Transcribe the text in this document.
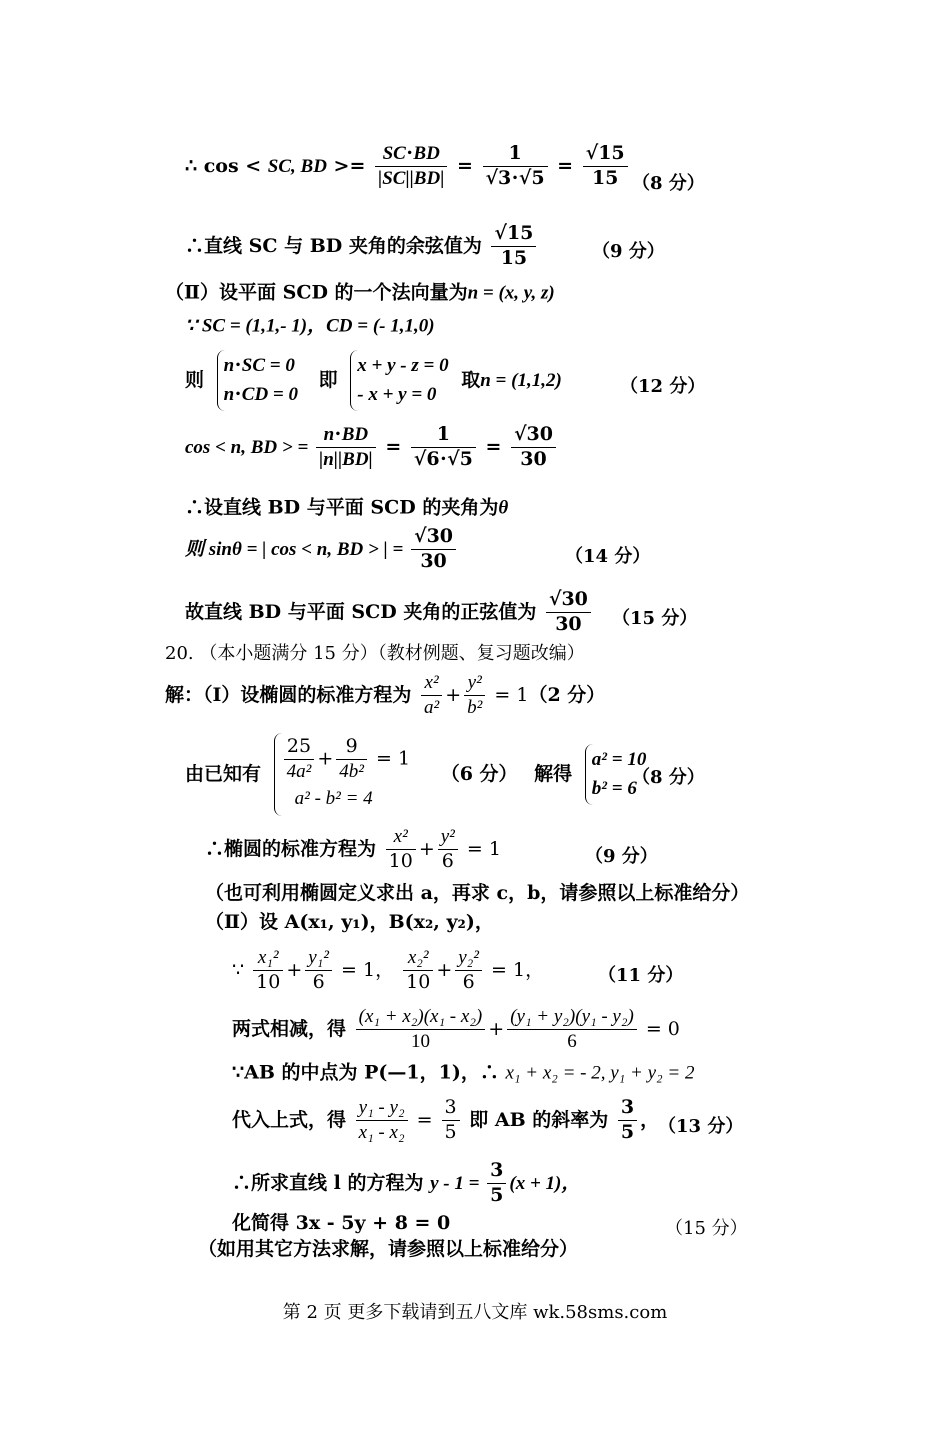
∴ cos < SC, BD >= $\frac{SC\cdot BD}{|SC||BD|} = \frac{1}{√3\cdot√5} = \frac{√15}{15} (8$ 分）
∴直线 SC 与 BD 夹角的余弦值为 $\frac{√15}{15}$	（9 分）
（Ⅱ）设平面 SCD 的一个法向量为n = (x, y, z)
∵ SC = (1,1,- 1)，CD = (- 1,1,0)
则
n⋅SC = 0
n⋅CD = 0
即
x + y - z = 0
- x + y = 0
取n = (1,1,2)	（12 分）
cos < n, BD > = $\frac{n\cdot BD}{|n||BD|} = \frac{1}{√6\cdot√5} = \frac{√30}{30}$
∴设直线 BD 与平面 SCD 的夹角为θ
则 sinθ = | cos < n, BD > | = $\frac{√30}{30}$	（14 分）
故直线 BD 与平面 SCD 夹角的正弦值为 $\frac{√30}{30} (15$ 分）
20. （本小题满分 15 分）（教材例题、复习题改编）
解：（Ⅰ）设椭圆的标准方程为 $\frac{\text{x²}}{\text{a²}} + \frac{\text{y²}}{\text{b²}} = 1(2$ 分）
由已知有 $\frac{25}{\text{4a²}} + \frac{9}{\text{4b²}} = 1$
a² - b² = 4
（6 分） 解得
a² = 10
b² = 6
（8 分）
∴椭圆的标准方程为 $\frac{\text{x²}}{10} + \frac{\text{y²}}{6} = 1$	（9 分）
（也可利用椭圆定义求出 a，再求 c，b，请参照以上标准给分）
（Ⅱ）设 A(x₁, y₁)，B(x₂, y₂)，
∵ $\frac{\text{x₁²}}{10} + \frac{\text{y₁²}}{6} = 1$， $\frac{\text{x₂²}}{10} + \frac{\text{y₂²}}{6} = 1$，	（11 分）
两式相减，得 $\frac{\text{(x₁ + x₂)(x₁ - x₂)}}{10} + \frac{\text{(y₁ + y₂)(y₁ - y₂)}}{6} = 0$
∵AB 的中点为 P(—1，1)，∴ x₁ + x₂ = - 2, y₁ + y₂ = 2
代入上式，得 $\frac{\text{y₁ - y₂}}{\text{x₁ - x₂}} = \frac{3}{5}$ 即 AB 的斜率为 $\frac{3}{5}$ ，
（13 分）
∴所求直线 l 的方程为 $y - 1 = \frac{3}{5} (x + 1)$，
化简得 3x - 5y + 8 = 0	（15 分）
（如用其它方法求解，请参照以上标准给分）
第 2 页 更多下载请到五八文库 wk.58sms.com
